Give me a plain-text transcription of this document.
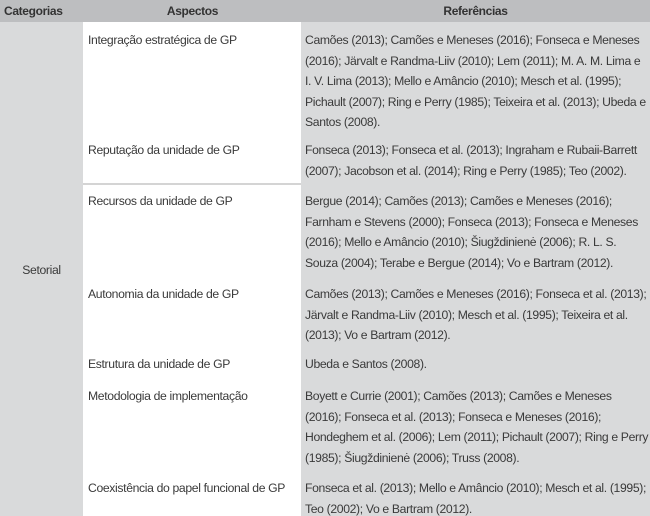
Categorias	Aspectos	Referências
Setorial
Integração estratégica de GP	Camões (2013); Camões e Meneses (2016); Fonseca e Meneses (2016); Järvalt e Randma-Liiv (2010); Lem (2011); M. A. M. Lima e I. V. Lima (2013); Mello e Amâncio (2010); Mesch et al. (1995); Pichault (2007); Ring e Perry (1985); Teixeira et al. (2013); Ubeda e Santos (2008).
Reputação da unidade de GP	Fonseca (2013); Fonseca et al. (2013); Ingraham e Rubaii-Barrett (2007); Jacobson et al. (2014); Ring e Perry (1985); Teo (2002).
Recursos da unidade de GP	Bergue (2014); Camões (2013); Camões e Meneses (2016); Farnham e Stevens (2000); Fonseca (2013); Fonseca e Meneses (2016); Mello e Amâncio (2010); Šiugždinienė (2006); R. L. S. Souza (2004); Terabe e Bergue (2014); Vo e Bartram (2012).
Autonomia da unidade de GP	Camões (2013); Camões e Meneses (2016); Fonseca et al. (2013); Järvalt e Randma-Liiv (2010); Mesch et al. (1995); Teixeira et al. (2013); Vo e Bartram (2012).
Estrutura da unidade de GP	Ubeda e Santos (2008).
Metodologia de implementação	Boyett e Currie (2001); Camões (2013); Camões e Meneses (2016); Fonseca et al. (2013); Fonseca e Meneses (2016); Hondeghem et al. (2006); Lem (2011); Pichault (2007); Ring e Perry (1985); Šiugždinienė (2006); Truss (2008).
Coexistência do papel funcional de GP	Fonseca et al. (2013); Mello e Amâncio (2010); Mesch et al. (1995); Teo (2002); Vo e Bartram (2012).
